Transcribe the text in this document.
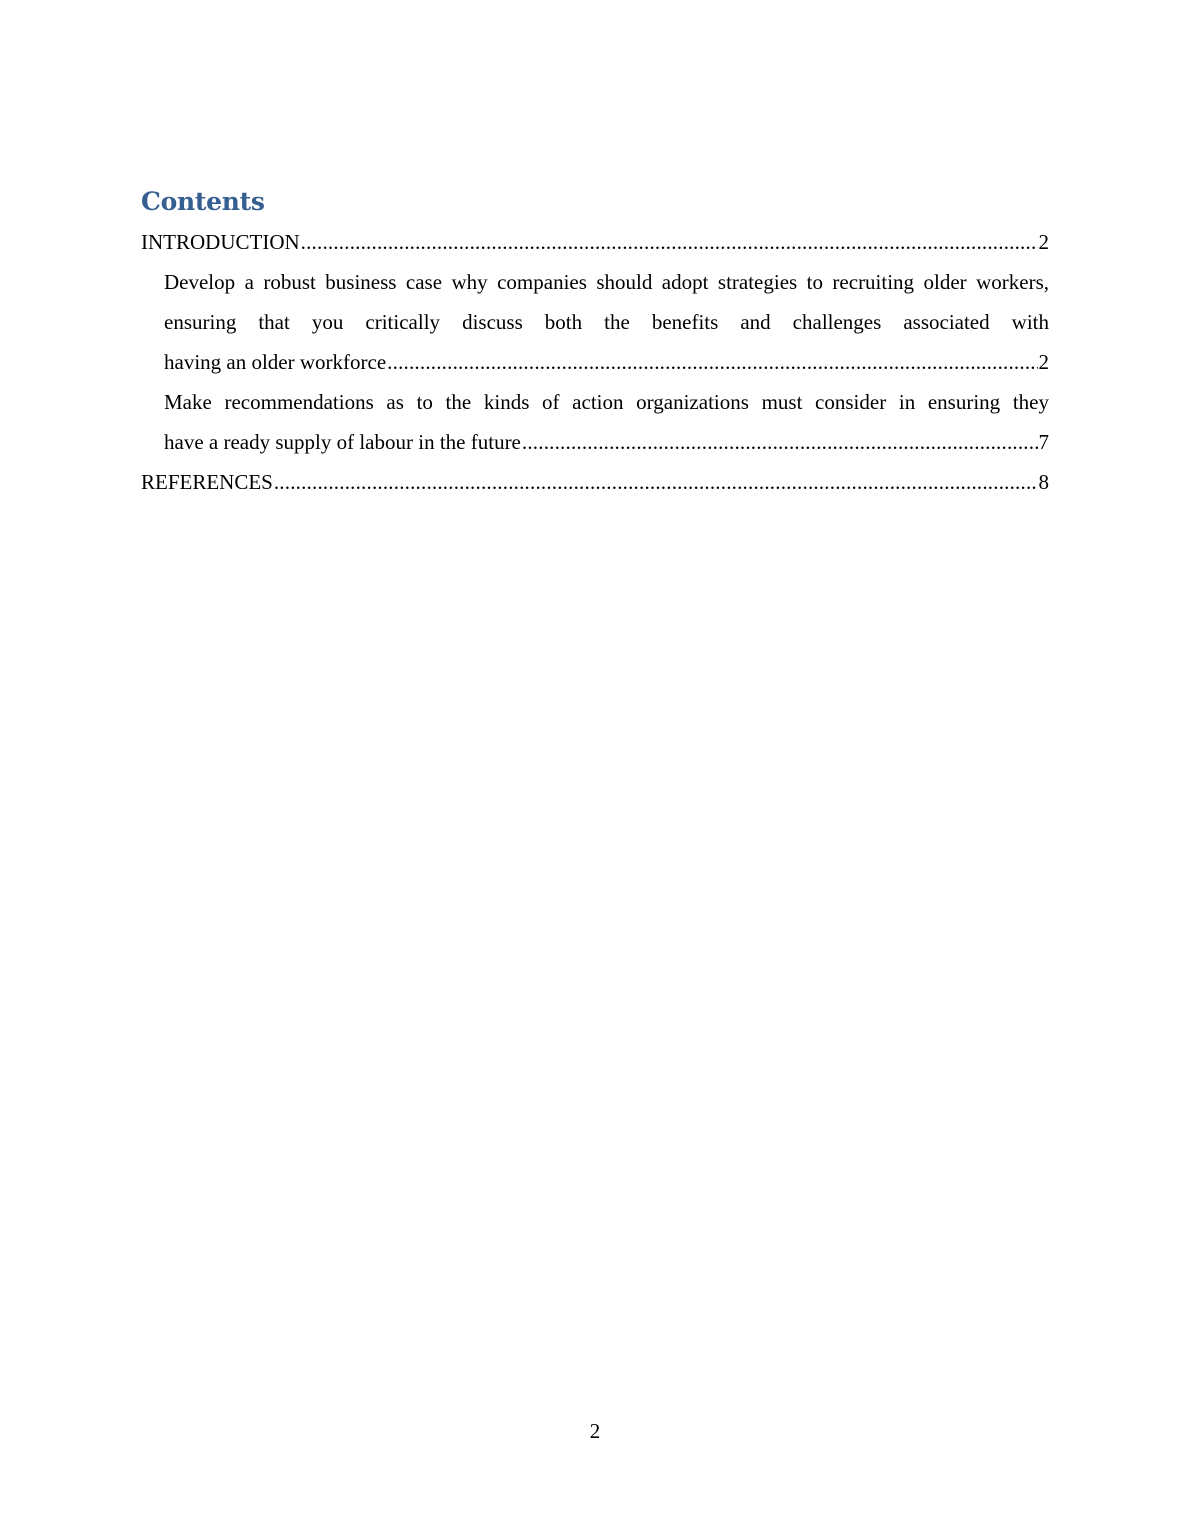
Contents
INTRODUCTION .....	2
Develop a robust business case why companies should adopt strategies to recruiting older workers, ensuring that you critically discuss both the benefits and challenges associated with
having an older workforce .....	2
Make recommendations as to the kinds of action organizations must consider in ensuring they
have a ready supply of labour in the future .....	7
REFERENCES .....	8
2
